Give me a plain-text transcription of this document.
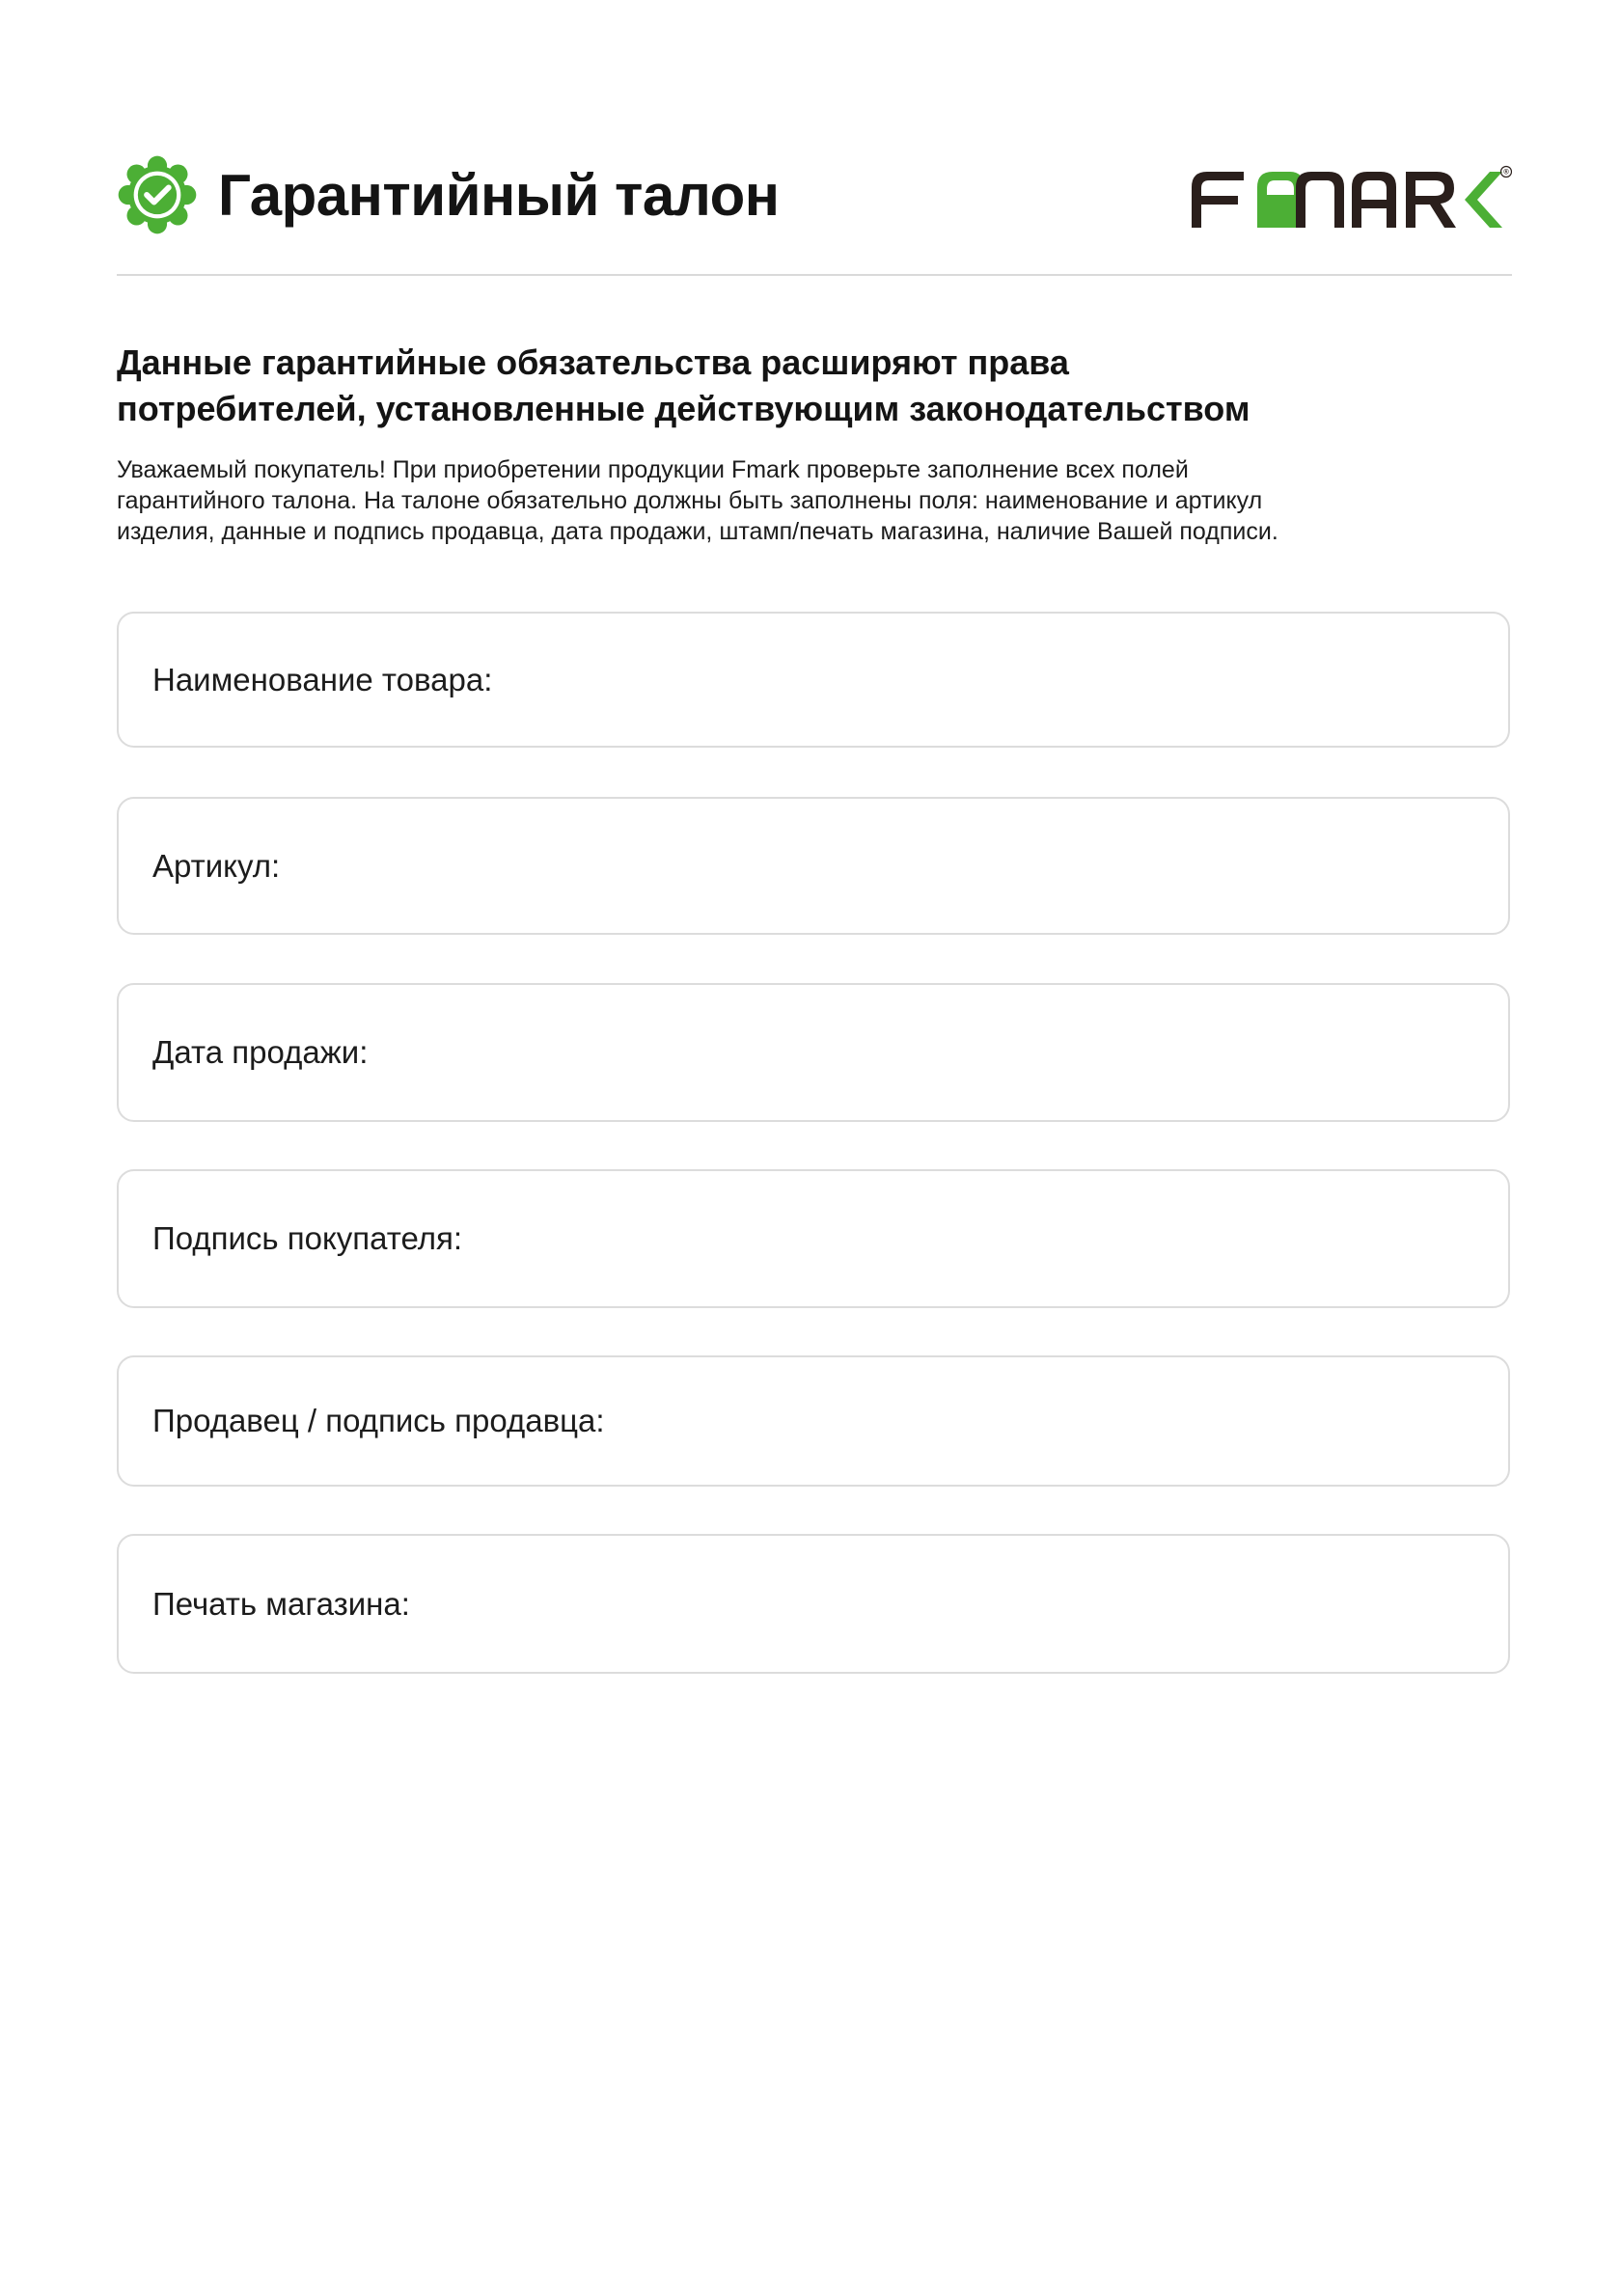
Гарантийный талон	®
Данные гарантийные обязательства расширяют права
потребителей, установленные действующим законодательством
Уважаемый покупатель! При приобретении продукции Fmark проверьте заполнение всех полей
гарантийного талона. На талоне обязательно должны быть заполнены поля: наименование и артикул
изделия, данные и подпись продавца, дата продажи, штамп/печать магазина, наличие Вашей подписи.
Наименование товара:
Артикул:
Дата продажи:
Подпись покупателя:
Продавец / подпись продавца:
Печать магазина:
